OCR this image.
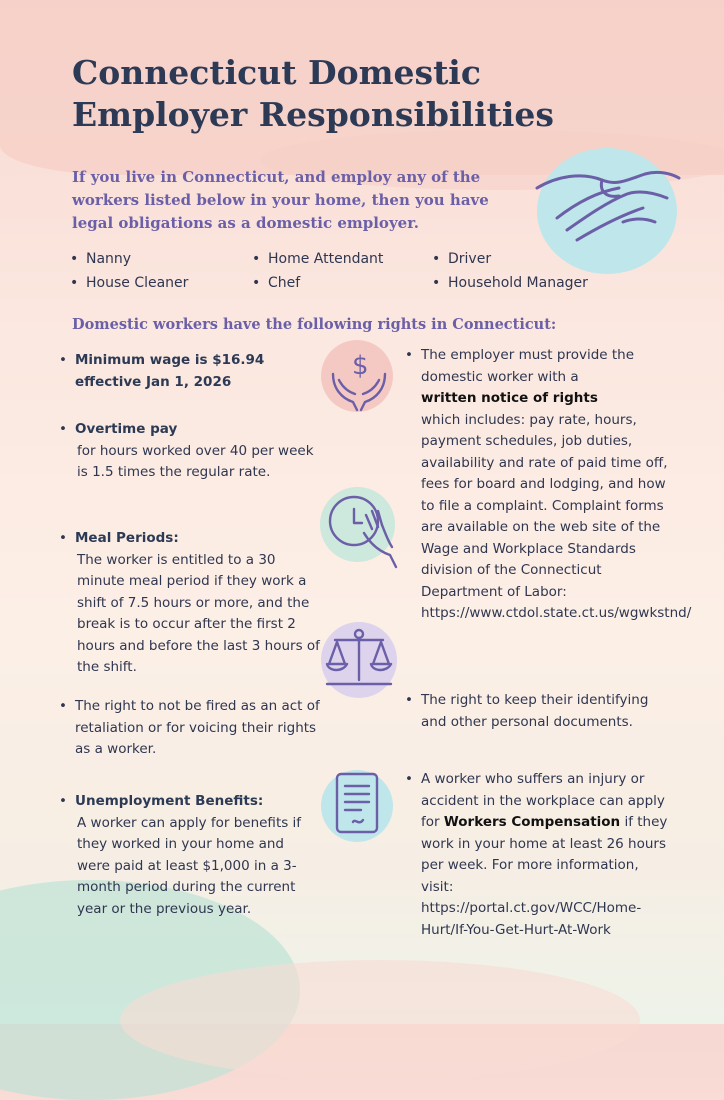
Connecticut Domestic Employer Responsibilities

If you live in Connecticut, and employ any of the workers listed below in your home, then you have legal obligations as a domestic employer.

• Nanny
• House Cleaner
• Home Attendant
• Chef
• Driver
• Household Manager
Domestic workers have the following rights in Connecticut:
• Minimum wage is $16.94 effective Jan 1, 2026
• Overtime pay
for hours worked over 40 per week is 1.5 times the regular rate.
• Meal Periods:
The worker is entitled to a 30 minute meal period if they work a shift of 7.5 hours or more, and the break is to occur after the first 2 hours and before the last 3 hours of the shift.
• The right to not be fired as an act of retaliation or for voicing their rights as a worker.
• Unemployment Benefits:
A worker can apply for benefits if they worked in your home and were paid at least $1,000 in a 3-month period during the current year or the previous year.
$	• The employer must provide the domestic worker with a
written notice of rights
which includes: pay rate, hours, payment schedules, job duties, availability and rate of paid time off, fees for board and lodging, and how to file a complaint. Complaint forms are available on the web site of the Wage and Workplace Standards division of the Connecticut Department of Labor: https://www.ctdol.state.ct.us/wgwkstnd/
• The right to keep their identifying and other personal documents.
• A worker who suffers an injury or accident in the workplace can apply for Workers Compensation if they work in your home at least 26 hours per week. For more information, visit: https://portal.ct.gov/WCC/Home-Hurt/If-You-Get-Hurt-At-Work
